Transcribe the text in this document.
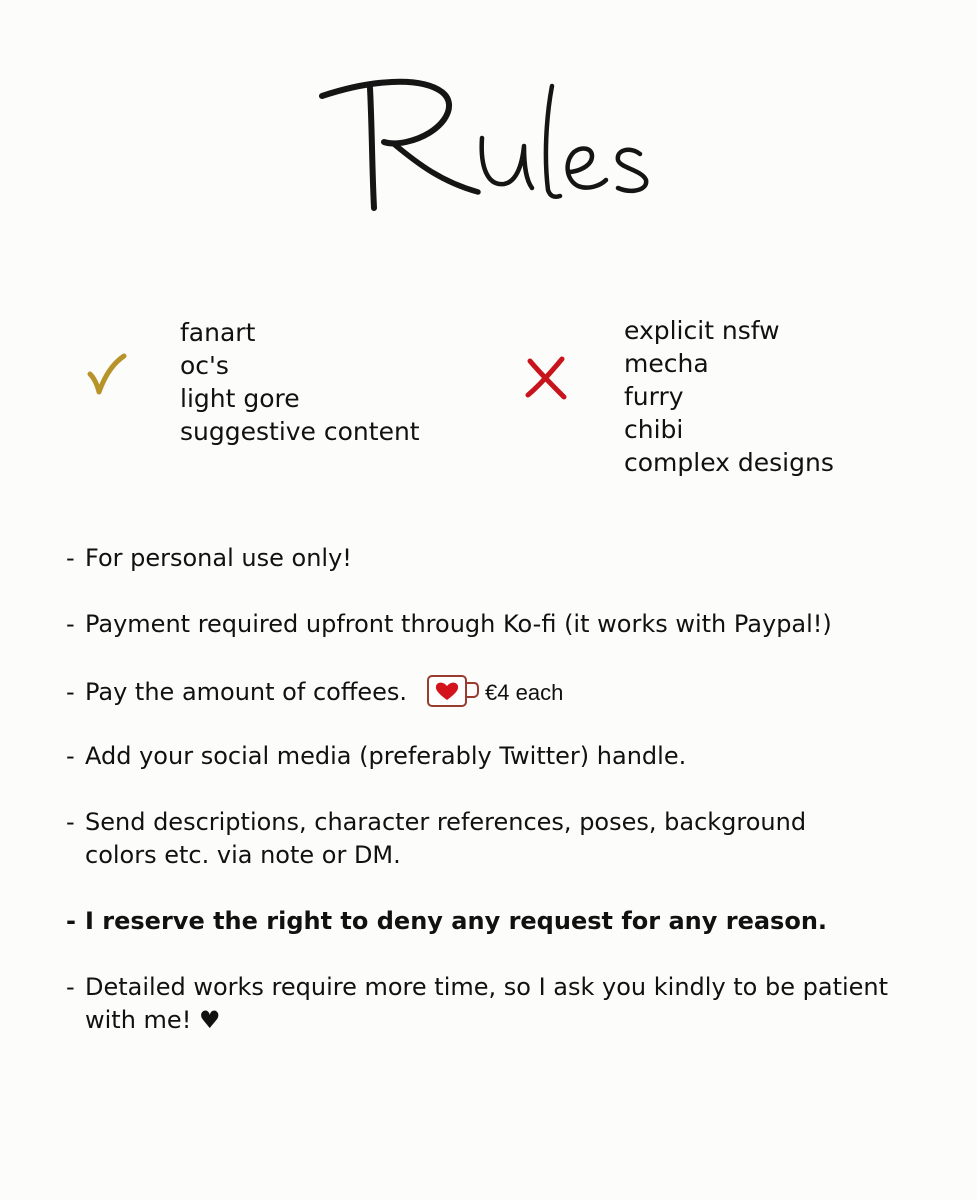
fanart
oc's
light gore
suggestive content
explicit nsfw
mecha
furry
chibi
complex designs
- For personal use only!
- Payment required upfront through Ko-fi (it works with Paypal!)
- Pay the amount of coffees.	€4 each
- Add your social media (preferably Twitter) handle.
- Send descriptions, character references, poses, background
colors etc. via note or DM.
- I reserve the right to deny any request for any reason.
- Detailed works require more time, so I ask you kindly to be patient
with me! ♥
